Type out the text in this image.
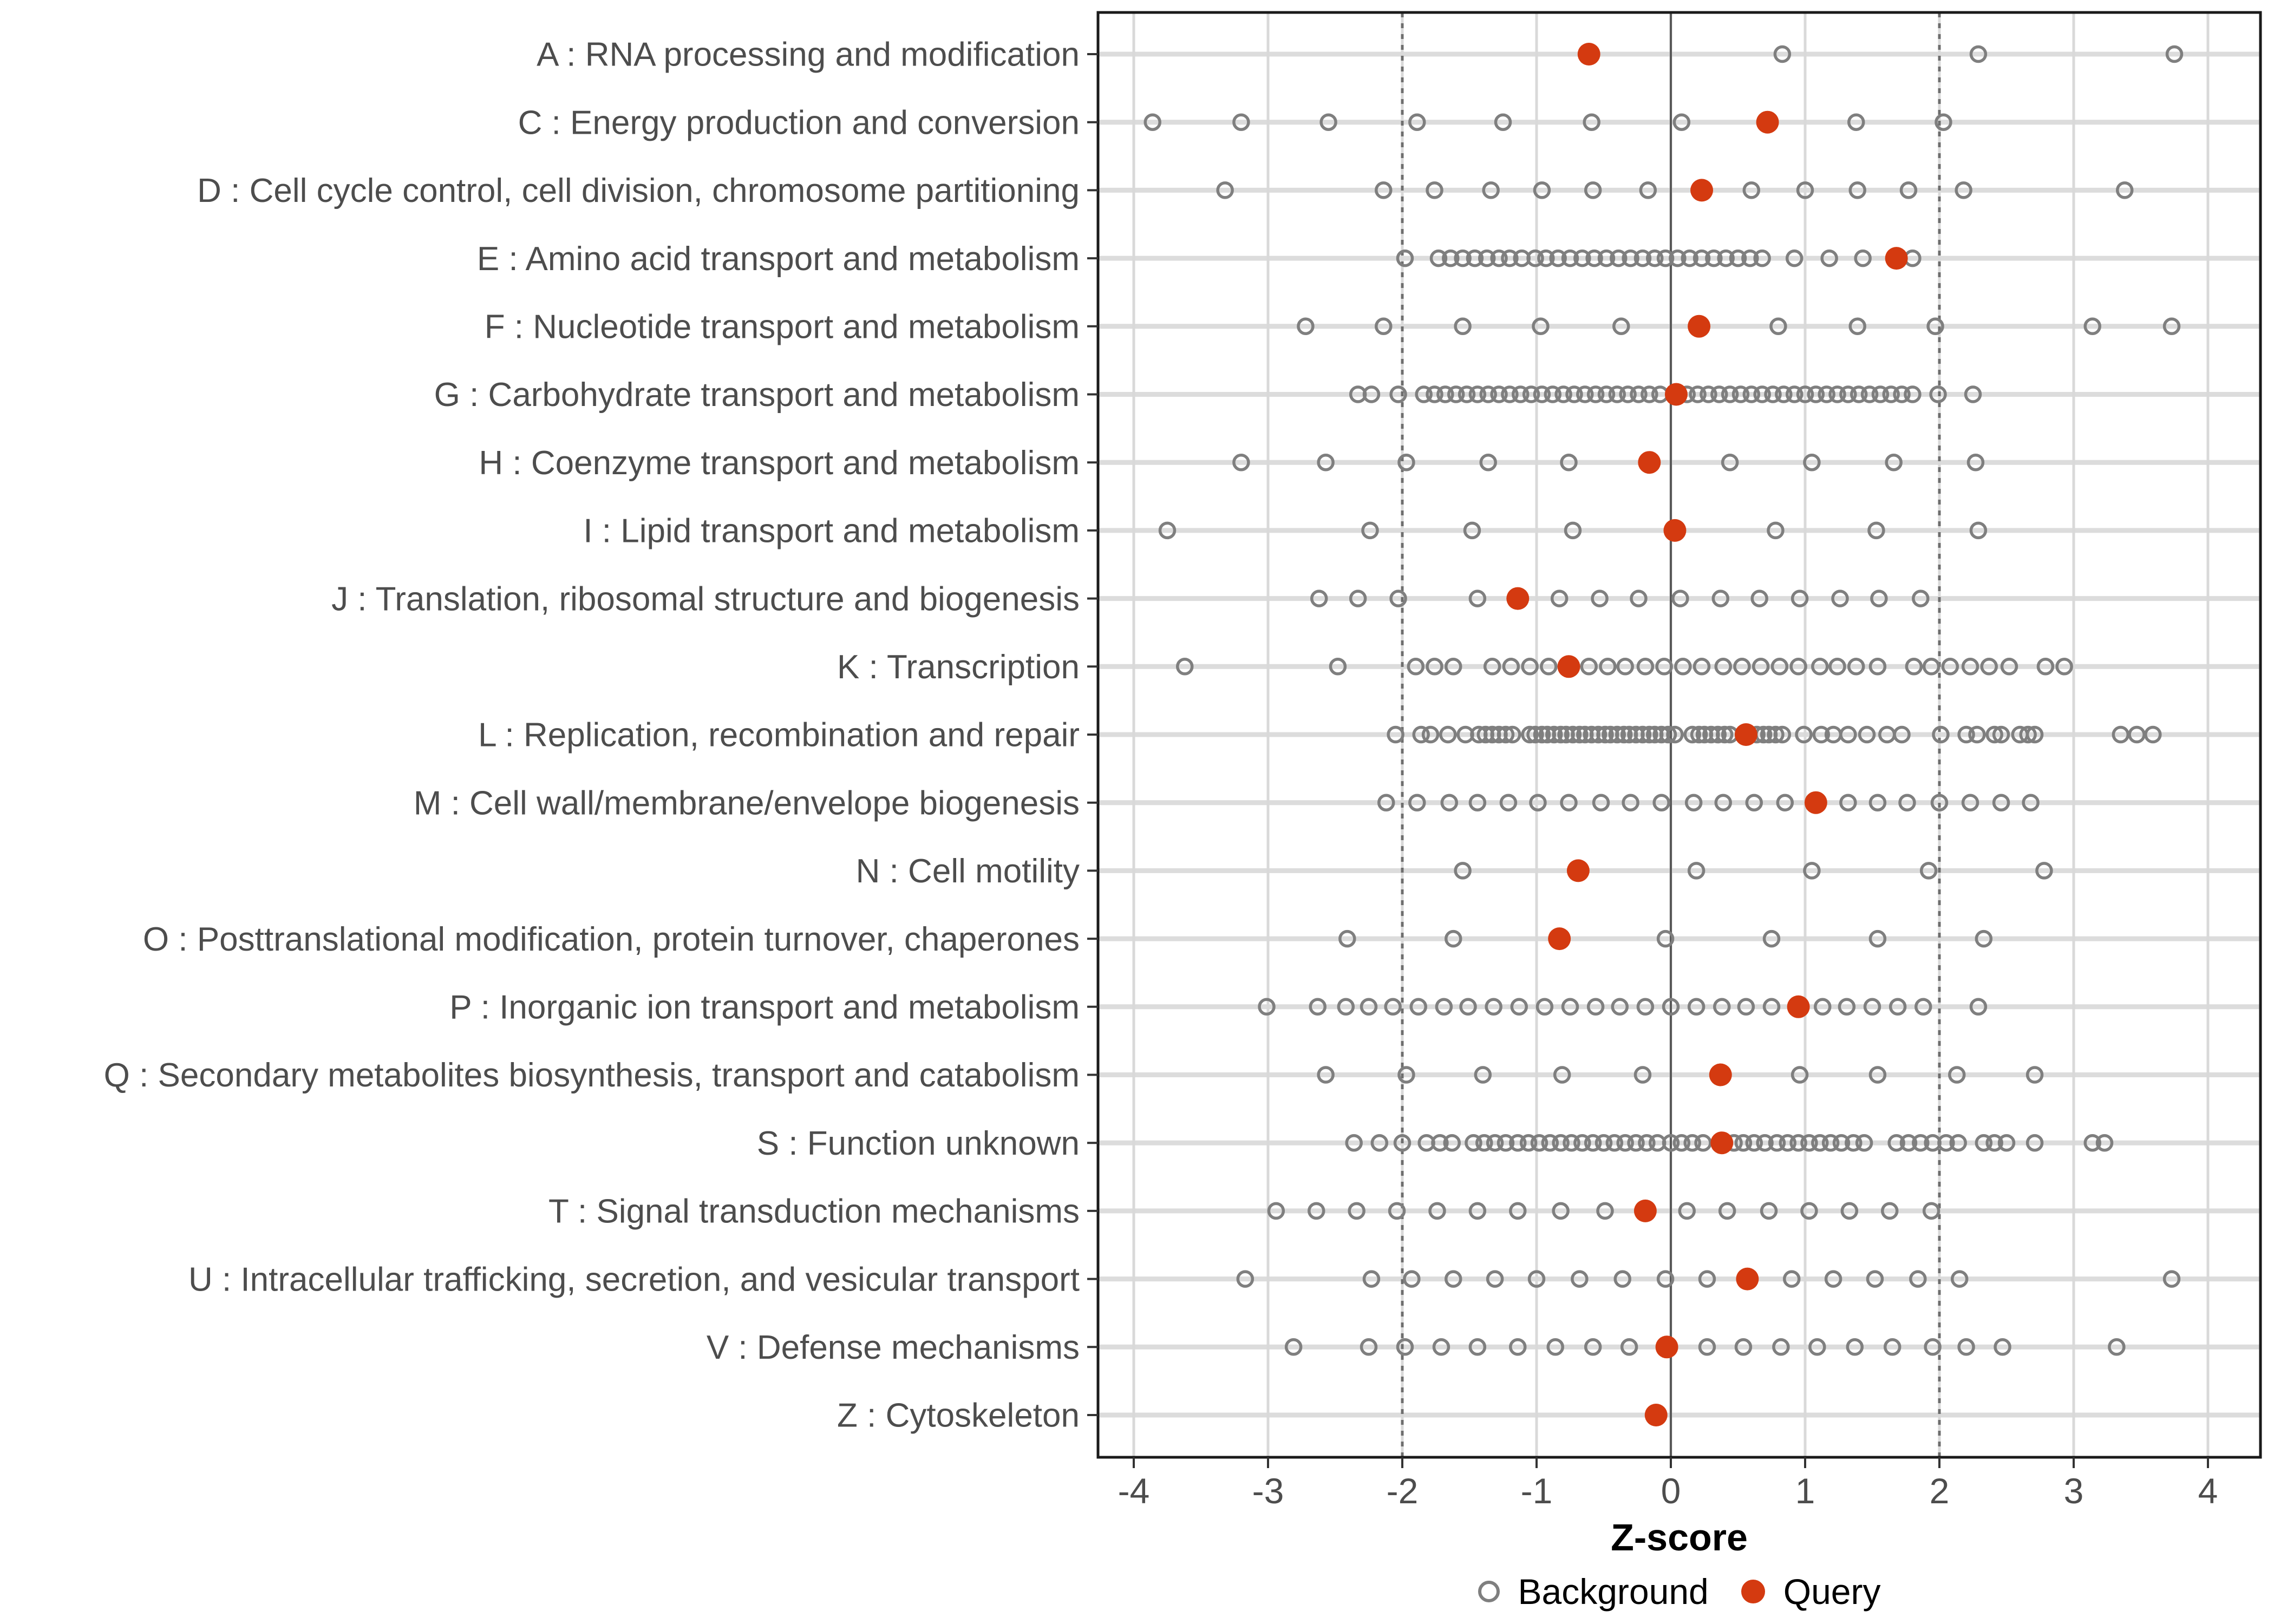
-4	-3	-2	-1	0	1	2	3	4
A : RNA processing and modification
C : Energy production and conversion
D : Cell cycle control, cell division, chromosome partitioning
E : Amino acid transport and metabolism
F : Nucleotide transport and metabolism
G : Carbohydrate transport and metabolism
H : Coenzyme transport and metabolism
I : Lipid transport and metabolism
J : Translation, ribosomal structure and biogenesis
K : Transcription
L : Replication, recombination and repair
M : Cell wall/membrane/envelope biogenesis
N : Cell motility
O : Posttranslational modification, protein turnover, chaperones
P : Inorganic ion transport and metabolism
Q : Secondary metabolites biosynthesis, transport and catabolism
S : Function unknown
T : Signal transduction mechanisms
U : Intracellular trafficking, secretion, and vesicular transport
V : Defense mechanisms
Z : Cytoskeleton
Z-score
Background Query
